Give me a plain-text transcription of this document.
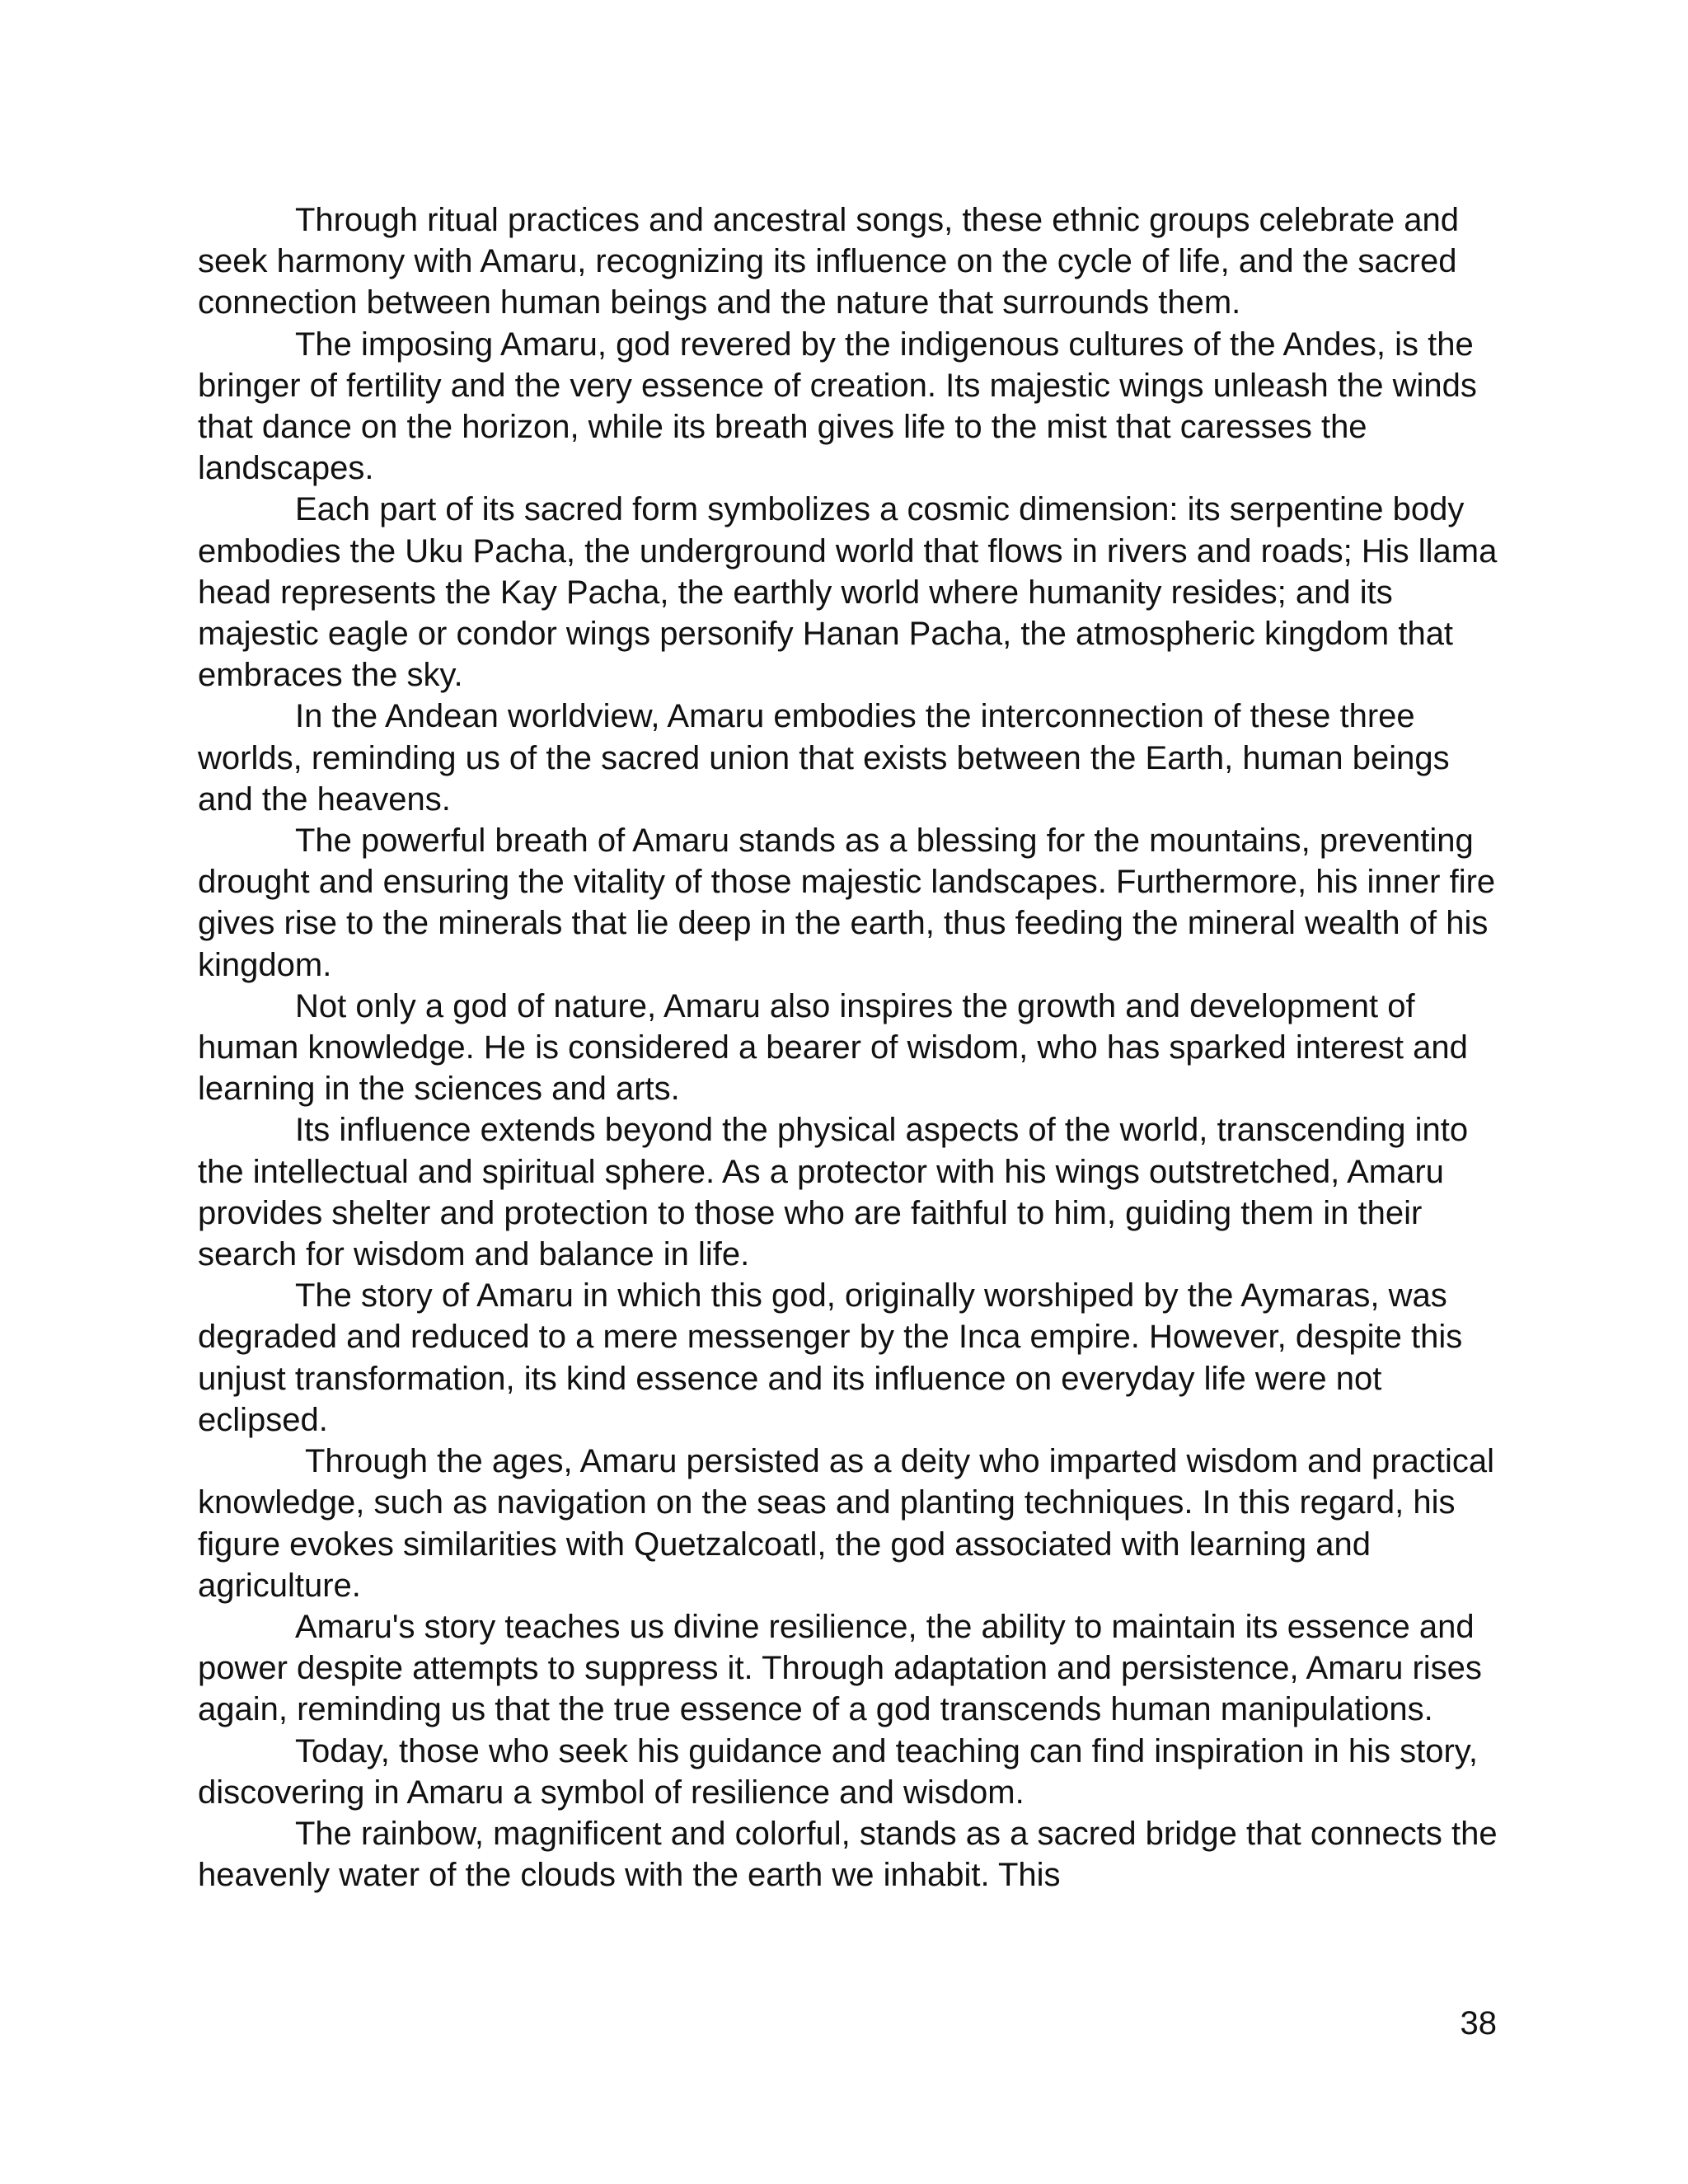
Through ritual practices and ancestral songs, these ethnic groups celebrate and seek harmony with Amaru, recognizing its influence on the cycle of life, and the sacred connection between human beings and the nature that surrounds them.

The imposing Amaru, god revered by the indigenous cultures of the Andes, is the bringer of fertility and the very essence of creation. Its majestic wings unleash the winds that dance on the horizon, while its breath gives life to the mist that caresses the landscapes.

Each part of its sacred form symbolizes a cosmic dimension: its serpentine body embodies the Uku Pacha, the underground world that flows in rivers and roads; His llama head represents the Kay Pacha, the earthly world where humanity resides; and its majestic eagle or condor wings personify Hanan Pacha, the atmospheric kingdom that embraces the sky.

In the Andean worldview, Amaru embodies the interconnection of these three worlds, reminding us of the sacred union that exists between the Earth, human beings and the heavens.

The powerful breath of Amaru stands as a blessing for the mountains, preventing drought and ensuring the vitality of those majestic landscapes. Furthermore, his inner fire gives rise to the minerals that lie deep in the earth, thus feeding the mineral wealth of his kingdom.

Not only a god of nature, Amaru also inspires the growth and development of human knowledge. He is considered a bearer of wisdom, who has sparked interest and learning in the sciences and arts.

Its influence extends beyond the physical aspects of the world, transcending into the intellectual and spiritual sphere. As a protector with his wings outstretched, Amaru provides shelter and protection to those who are faithful to him, guiding them in their search for wisdom and balance in life.

The story of Amaru in which this god, originally worshiped by the Aymaras, was degraded and reduced to a mere messenger by the Inca empire. However, despite this unjust transformation, its kind essence and its influence on everyday life were not eclipsed.

Through the ages, Amaru persisted as a deity who imparted wisdom and practical knowledge, such as navigation on the seas and planting techniques. In this regard, his figure evokes similarities with Quetzalcoatl, the god associated with learning and agriculture.

Amaru's story teaches us divine resilience, the ability to maintain its essence and power despite attempts to suppress it. Through adaptation and persistence, Amaru rises again, reminding us that the true essence of a god transcends human manipulations.

Today, those who seek his guidance and teaching can find inspiration in his story, discovering in Amaru a symbol of resilience and wisdom.

The rainbow, magnificent and colorful, stands as a sacred bridge that connects the heavenly water of the clouds with the earth we inhabit. This

38
